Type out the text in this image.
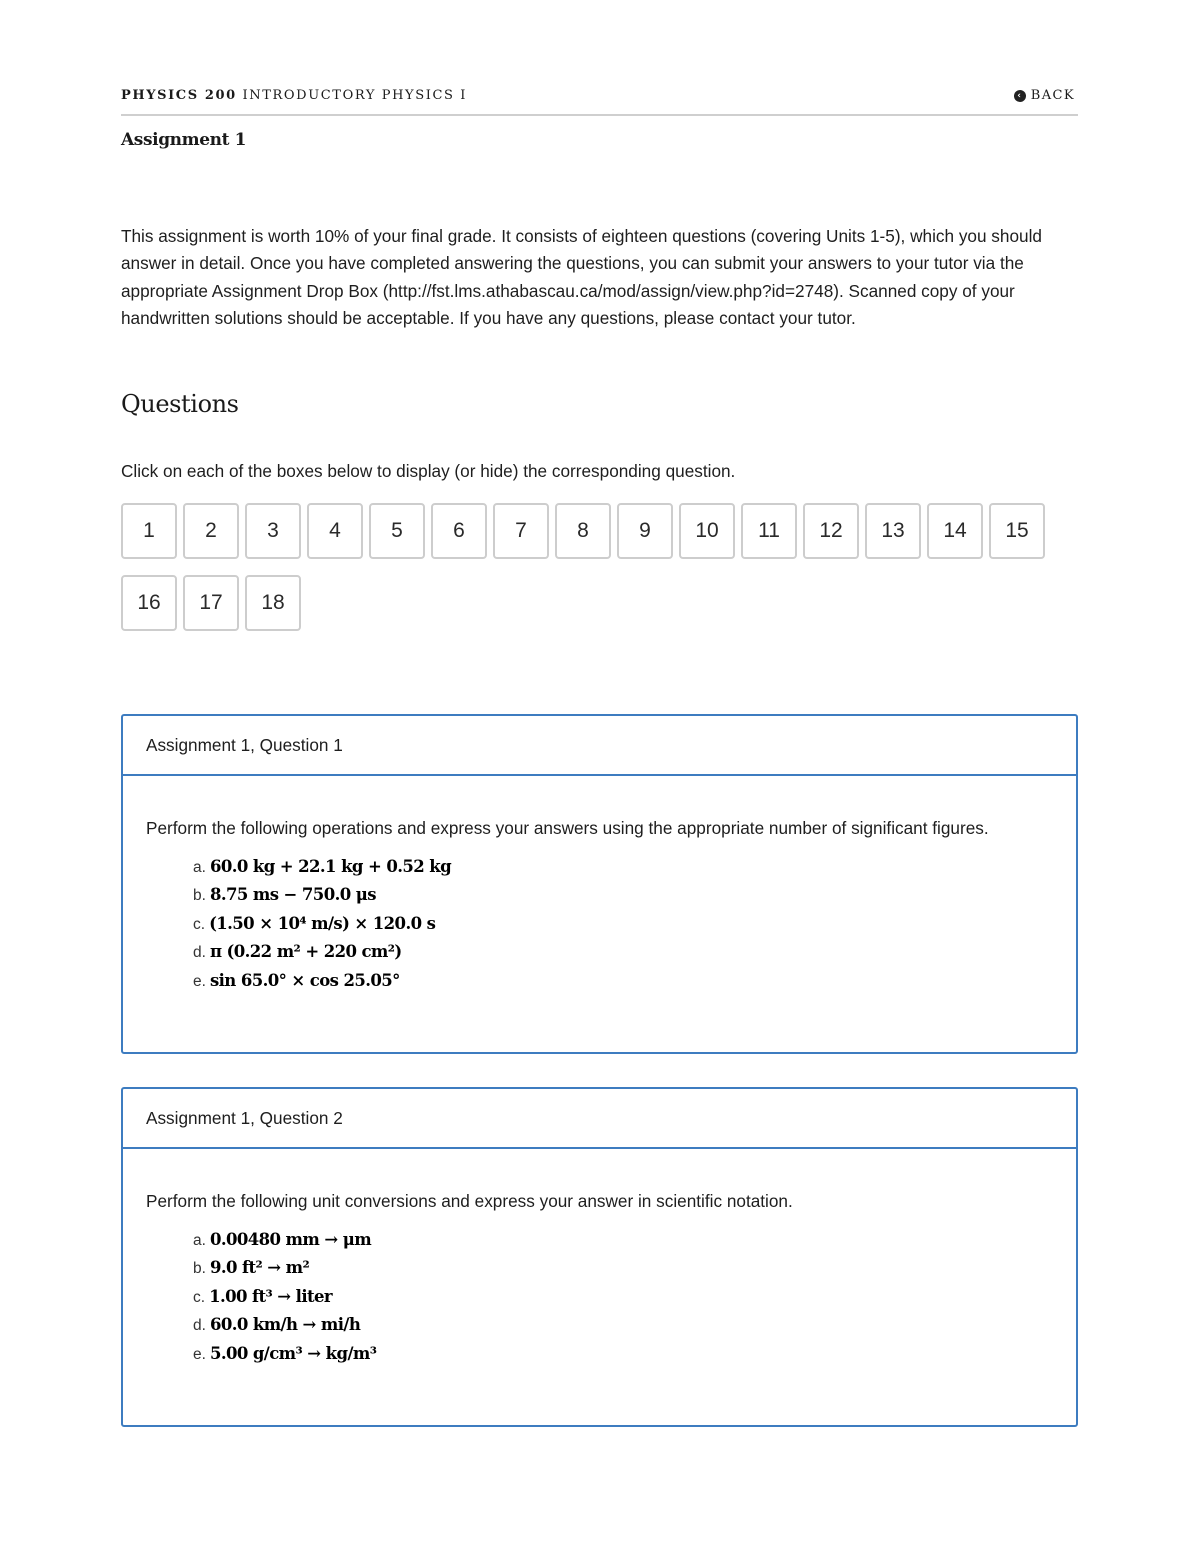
PHYSICS 200 INTRODUCTORY PHYSICS I	‹ BACK
Assignment 1

This assignment is worth 10% of your final grade. It consists of eighteen questions (covering Units 1-5), which you should answer in detail. Once you have completed answering the questions, you can submit your answers to your tutor via the appropriate Assignment Drop Box (http://fst.lms.athabascau.ca/mod/assign/view.php?id=2748). Scanned copy of your handwritten solutions should be acceptable. If you have any questions, please contact your tutor.

Questions

Click on each of the boxes below to display (or hide) the corresponding question.

1	2	3	4	5	6	7	8	9	10	11	12	13	14	15
16	17	18
Assignment 1, Question 1

Perform the following operations and express your answers using the appropriate number of significant figures.

a. 60.0 kg + 22.1 kg + 0.52 kg
b. 8.75 ms − 750.0 μs
c. (1.50 × 10⁴ m/s) × 120.0 s
d. π (0.22 m² + 220 cm²)
e. sin 65.0° × cos 25.05°
Assignment 1, Question 2

Perform the following unit conversions and express your answer in scientific notation.

a. 0.00480 mm → μm
b. 9.0 ft² → m²
c. 1.00 ft³ → liter
d. 60.0 km/h → mi/h
e. 5.00 g/cm³ → kg/m³
